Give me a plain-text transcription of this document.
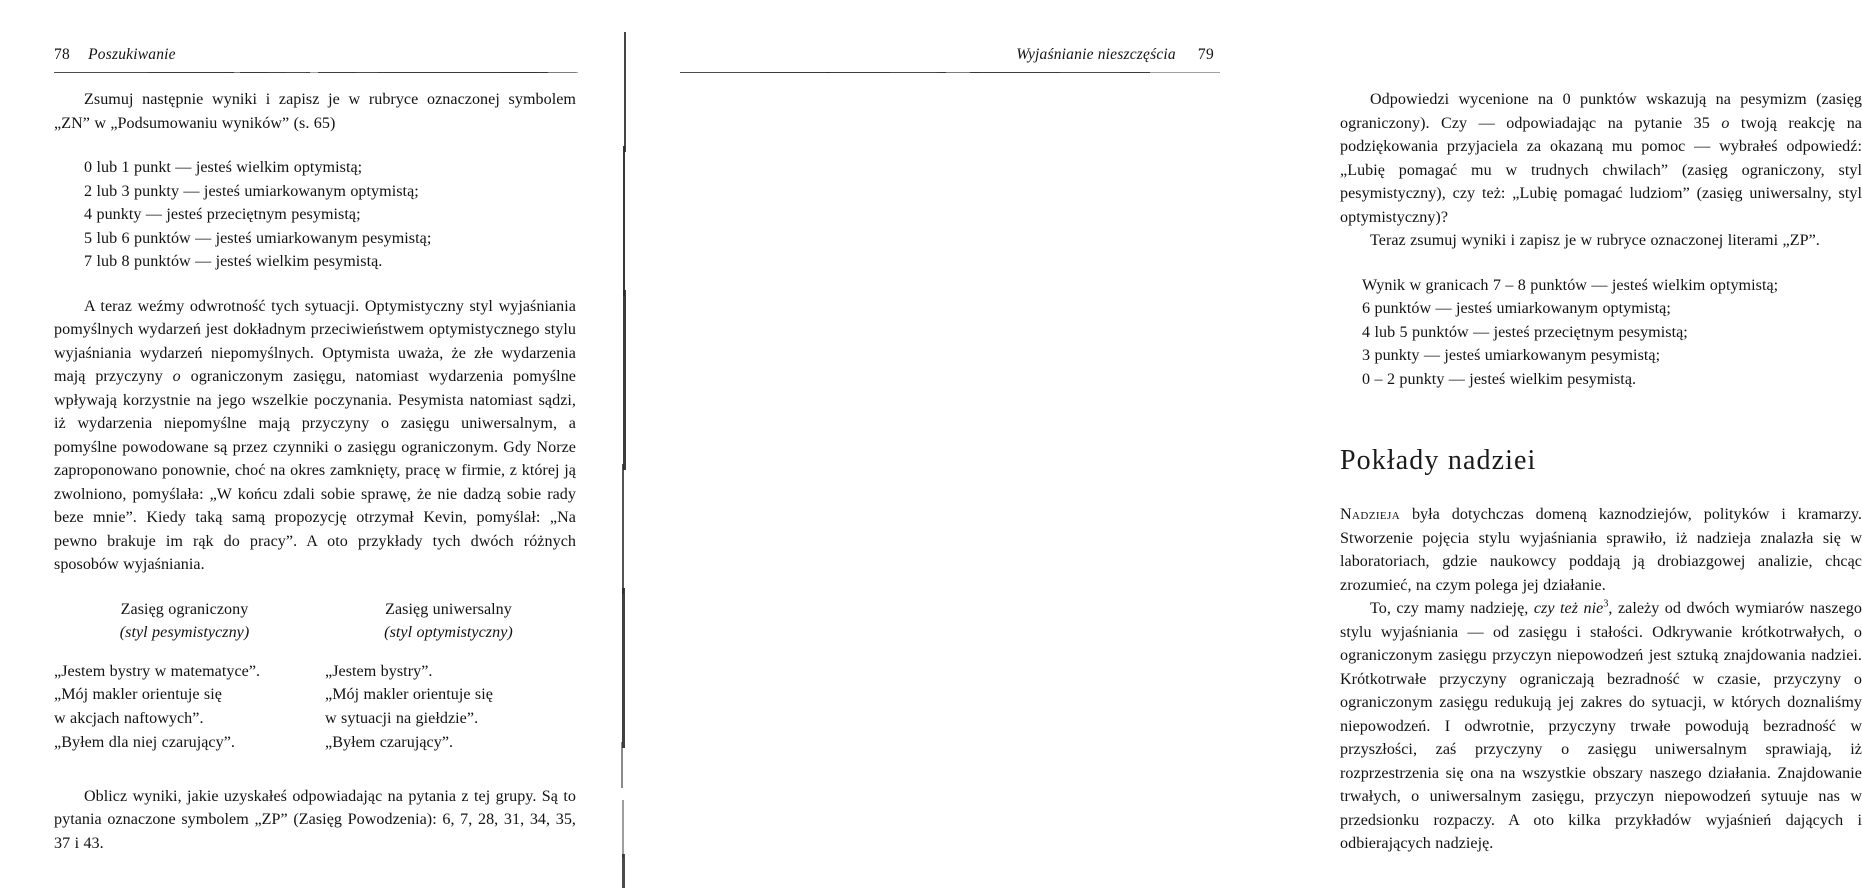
78 Poszukiwanie

Zsumuj następnie wyniki i zapisz je w rubryce oznaczonej symbolem „ZN” w „Podsumowaniu wyników” (s. 65)

0 lub 1 punkt — jesteś wielkim optymistą;
2 lub 3 punkty — jesteś umiarkowanym optymistą;
4 punkty — jesteś przeciętnym pesymistą;
5 lub 6 punktów — jesteś umiarkowanym pesymistą;
7 lub 8 punktów — jesteś wielkim pesymistą.

A teraz weźmy odwrotność tych sytuacji. Optymistyczny styl wyjaśniania pomyślnych wydarzeń jest dokładnym przeciwieństwem optymistycznego stylu wyjaśniania wydarzeń niepomyślnych. Optymista uważa, że złe wydarzenia mają przyczyny o ograniczonym zasięgu, natomiast wydarzenia pomyślne wpływają korzystnie na jego wszelkie poczynania. Pesymista natomiast sądzi, iż wydarzenia niepomyślne mają przyczyny o zasięgu uniwersalnym, a pomyślne powodowane są przez czynniki o zasięgu ograniczonym. Gdy Norze zaproponowano ponownie, choć na okres zamknięty, pracę w firmie, z której ją zwolniono, pomyślała: „W końcu zdali sobie sprawę, że nie dadzą sobie rady beze mnie”. Kiedy taką samą propozycję otrzymał Kevin, pomyślał: „Na pewno brakuje im rąk do pracy”. A oto przykłady tych dwóch różnych sposobów wyjaśniania.

Zasięg ograniczony
(styl pesymistyczny)
„Jestem bystry w matematyce”.
„Mój makler orientuje się
w akcjach naftowych”.
„Byłem dla niej czarujący”.
Zasięg uniwersalny
(styl optymistyczny)
„Jestem bystry”.
„Mój makler orientuje się
w sytuacji na giełdzie”.
„Byłem czarujący”.

Oblicz wyniki, jakie uzyskałeś odpowiadając na pytania z tej grupy. Są to pytania oznaczone symbolem „ZP” (Zasięg Powodzenia): 6, 7, 28, 31, 34, 35, 37 i 43.

Wyjaśnianie nieszczęścia 79

Odpowiedzi wycenione na 0 punktów wskazują na pesymizm (zasięg ograniczony). Czy — odpowiadając na pytanie 35 o twoją reakcję na podziękowania przyjaciela za okazaną mu pomoc — wybrałeś odpowiedź: „Lubię pomagać mu w trudnych chwilach” (zasięg ograniczony, styl pesymistyczny), czy też: „Lubię pomagać ludziom” (zasięg uniwersalny, styl optymistyczny)?

Teraz zsumuj wyniki i zapisz je w rubryce oznaczonej literami „ZP”.

Wynik w granicach 7 – 8 punktów — jesteś wielkim optymistą;
6 punktów — jesteś umiarkowanym optymistą;
4 lub 5 punktów — jesteś przeciętnym pesymistą;
3 punkty — jesteś umiarkowanym pesymistą;
0 – 2 punkty — jesteś wielkim pesymistą.
Pokłady nadziei

Nadzieja była dotychczas domeną kaznodziejów, polityków i kramarzy. Stworzenie pojęcia stylu wyjaśniania sprawiło, iż nadzieja znalazła się w laboratoriach, gdzie naukowcy poddają ją drobiazgowej analizie, chcąc zrozumieć, na czym polega jej działanie.

To, czy mamy nadzieję, czy też nie$^3$, zależy od dwóch wymiarów naszego stylu wyjaśniania — od zasięgu i stałości. Odkrywanie krótkotrwałych, o ograniczonym zasięgu przyczyn niepowodzeń jest sztuką znajdowania nadziei. Krótkotrwałe przyczyny ograniczają bezradność w czasie, przyczyny o ograniczonym zasięgu redukują jej zakres do sytuacji, w których doznaliśmy niepowodzeń. I odwrotnie, przyczyny trwałe powodują bezradność w przyszłości, zaś przyczyny o zasięgu uniwersalnym sprawiają, iż rozprzestrzenia się ona na wszystkie obszary naszego działania. Znajdowanie trwałych, o uniwersalnym zasięgu, przyczyn niepowodzeń sytuuje nas w przedsionku rozpaczy. A oto kilka przykładów wyjaśnień dających i odbierających nadzieję.
